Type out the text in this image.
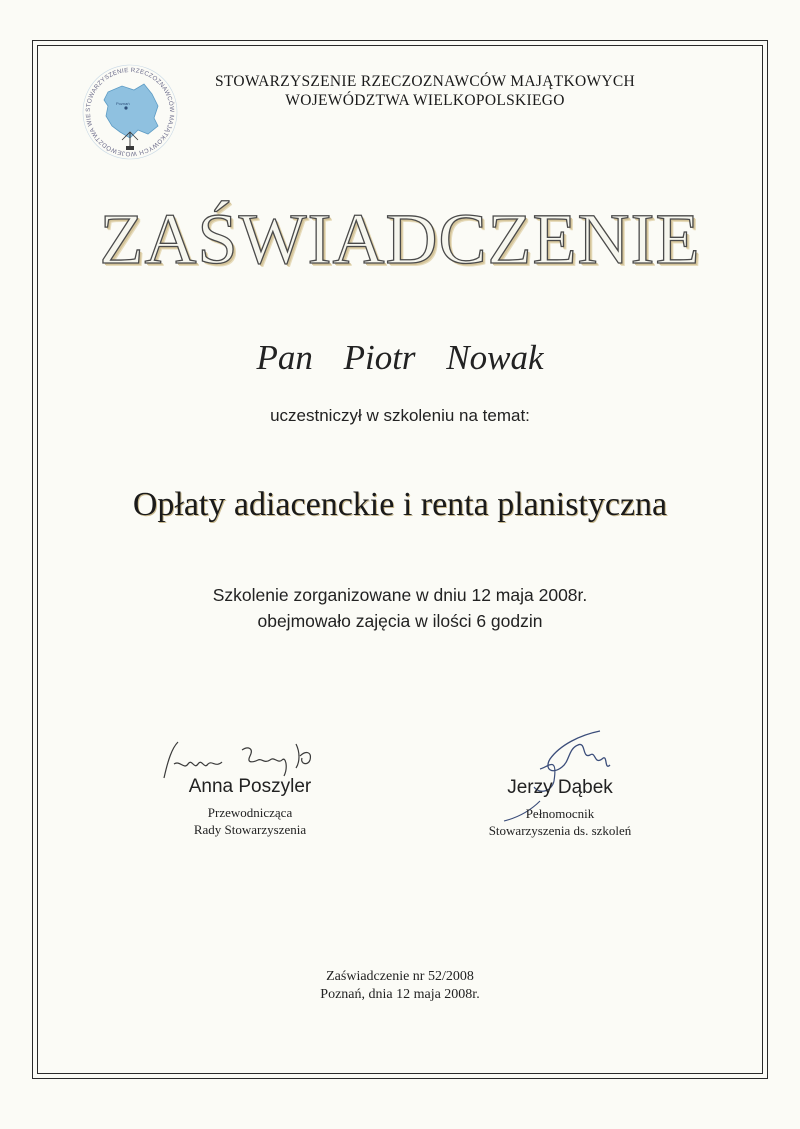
STOWARZYSZENIE RZECZOZNAWCÓW MAJĄTKOWYCH WOJEWÓDZTWA WIE
Poznań
STOWARZYSZENIE RZECZOZNAWCÓW MAJĄTKOWYCH
WOJEWÓDZTWA WIELKOPOLSKIEGO
ZAŚWIADCZENIE
Pan Piotr Nowak
uczestniczył w szkoleniu na temat:
Opłaty adiacenckie i renta planistyczna
Szkolenie zorganizowane w dniu 12 maja 2008r.
obejmowało zajęcia w ilości 6 godzin
Anna Poszyler
Przewodnicząca
Rady Stowarzyszenia
Jerzy Dąbek
Pełnomocnik
Stowarzyszenia ds. szkoleń
Zaświadczenie nr 52/2008
Poznań, dnia 12 maja 2008r.
